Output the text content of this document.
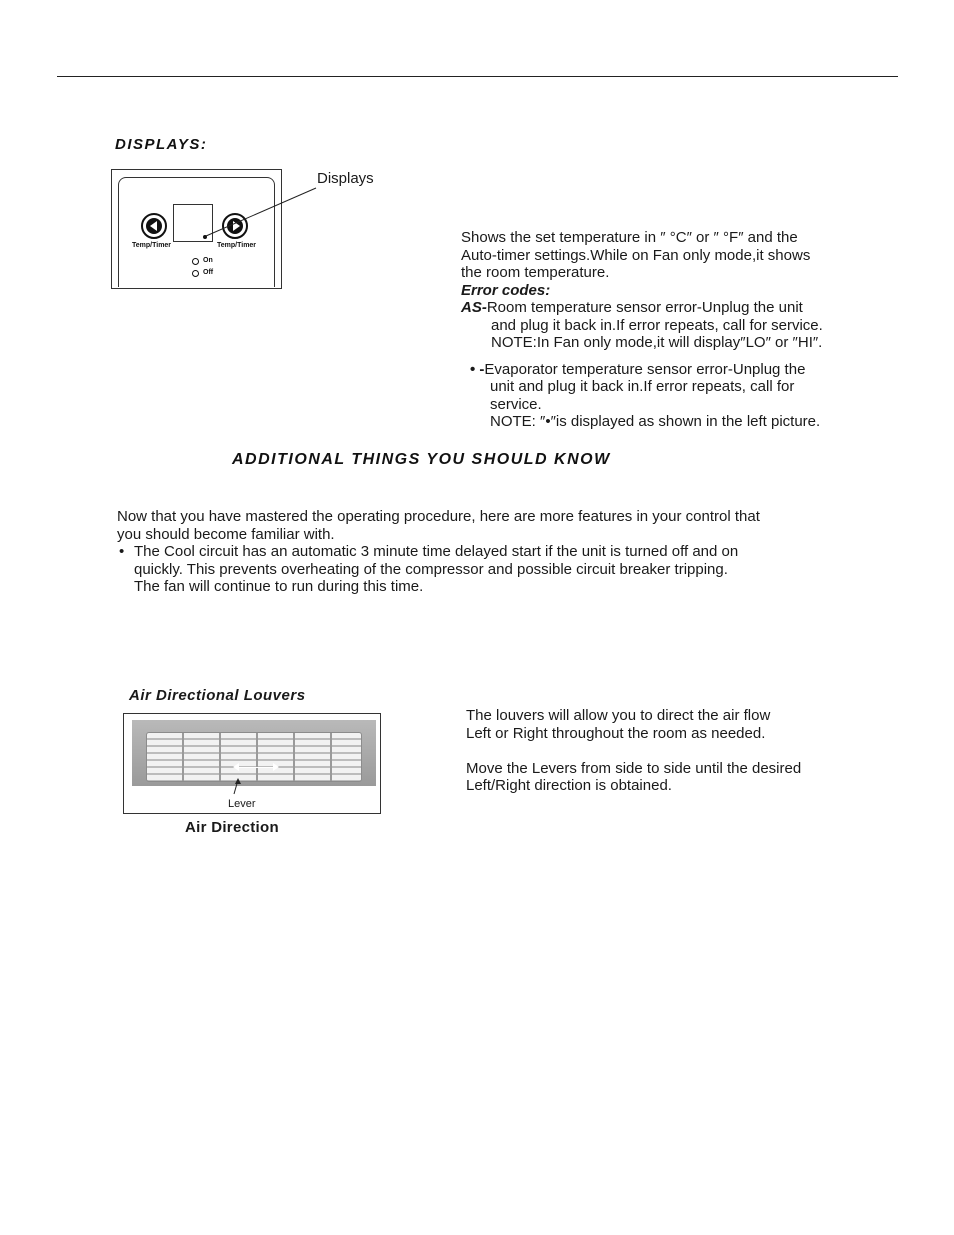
DISPLAYS:
Temp/Timer	Temp/Timer
On
Off
Displays
Shows the set temperature in ″ °C″ or ″ °F″ and the
Auto-timer settings.While on Fan only mode,it shows
the room temperature.
Error codes:
AS-Room temperature sensor error-Unplug the unit
and plug it back in.If error repeats, call for service.
NOTE:In Fan only mode,it will display″LO″ or ″HI″.
• -Evaporator temperature sensor error-Unplug the
unit and plug it back in.If error repeats, call for
service.
NOTE: ″•″is displayed as shown in the left picture.
ADDITIONAL THINGS YOU SHOULD KNOW
Now that you have mastered the operating procedure, here are more features in your control that
you should become familiar with.
• The Cool circuit has an automatic 3 minute time delayed start if the unit is turned off and on
quickly. This prevents overheating of the compressor and possible circuit breaker tripping.
The fan will continue to run during this time.
Air Directional Louvers
Lever
Air Direction
The louvers will allow you to direct the air flow
Left or Right throughout the room as needed.
Move the Levers from side to side until the desired
Left/Right direction is obtained.
